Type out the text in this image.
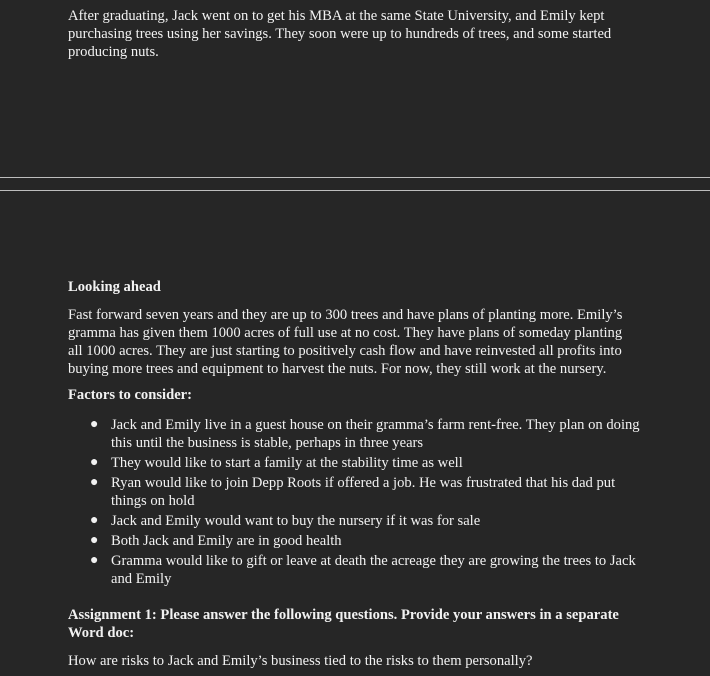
After graduating, Jack went on to get his MBA at the same State University, and Emily kept purchasing trees using her savings. They soon were up to hundreds of trees, and some started producing nuts.

Looking ahead

Fast forward seven years and they are up to 300 trees and have plans of planting more. Emily’s gramma has given them 1000 acres of full use at no cost. They have plans of someday planting all 1000 acres. They are just starting to positively cash flow and have reinvested all profits into buying more trees and equipment to harvest the nuts. For now, they still work at the nursery.

Factors to consider:

● Jack and Emily live in a guest house on their gramma’s farm rent-free. They plan on doing this until the business is stable, perhaps in three years
● They would like to start a family at the stability time as well
● Ryan would like to join Depp Roots if offered a job. He was frustrated that his dad put things on hold
● Jack and Emily would want to buy the nursery if it was for sale
● Both Jack and Emily are in good health
● Gramma would like to gift or leave at death the acreage they are growing the trees to Jack and Emily

Assignment 1: Please answer the following questions. Provide your answers in a separate Word doc:

How are risks to Jack and Emily’s business tied to the risks to them personally?
